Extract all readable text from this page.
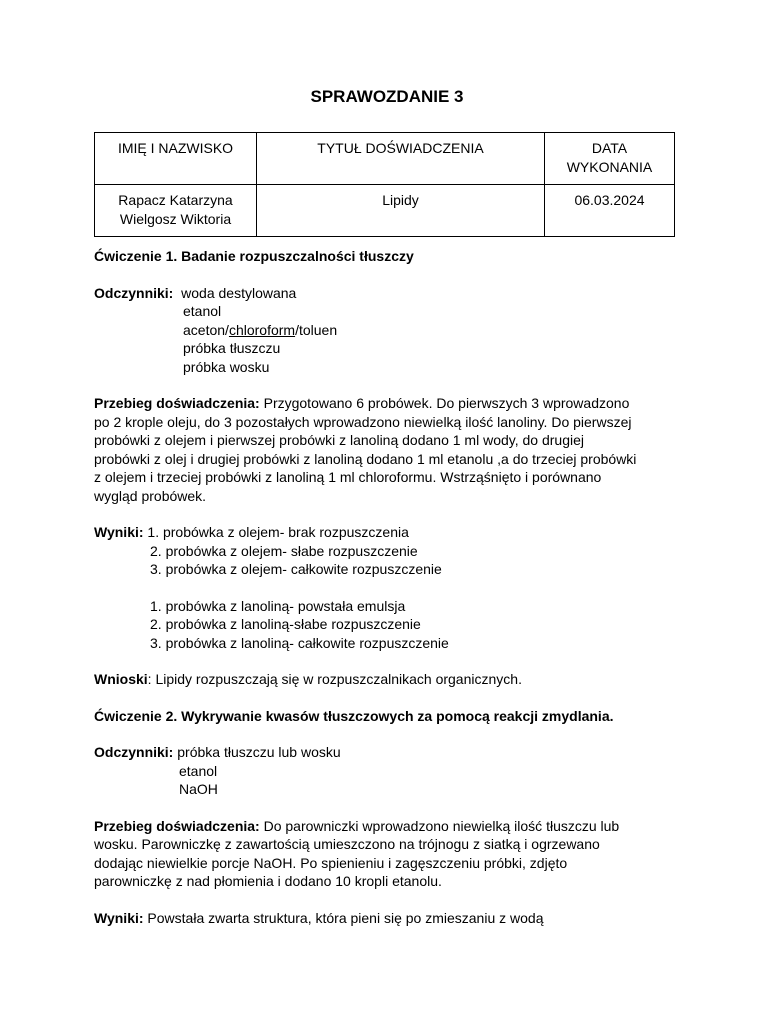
SPRAWOZDANIE 3
IMIĘ I NAZWISKO	TYTUŁ DOŚWIADCZENIA	DATA WYKONANIA

Rapacz Katarzyna
Wielgosz Wiktoria	Lipidy	06.03.2024

Ćwiczenie 1. Badanie rozpuszczalności tłuszczy

Odczynniki: woda destylowana

etanol

aceton/chloroform/toluen

próbka tłuszczu

próbka wosku

Przebieg doświadczenia: Przygotowano 6 probówek. Do pierwszych 3 wprowadzono

po 2 krople oleju, do 3 pozostałych wprowadzono niewielką ilość lanoliny. Do pierwszej

probówki z olejem i pierwszej probówki z lanoliną dodano 1 ml wody, do drugiej

probówki z olej i drugiej probówki z lanoliną dodano 1 ml etanolu ,a do trzeciej probówki

z olejem i trzeciej probówki z lanoliną 1 ml chloroformu. Wstrząśnięto i porównano

wygląd probówek.

Wyniki: 1. probówka z olejem- brak rozpuszczenia

2. probówka z olejem- słabe rozpuszczenie

3. probówka z olejem- całkowite rozpuszczenie

1. probówka z lanoliną- powstała emulsja

2. probówka z lanoliną-słabe rozpuszczenie

3. probówka z lanoliną- całkowite rozpuszczenie

Wnioski: Lipidy rozpuszczają się w rozpuszczalnikach organicznych.

Ćwiczenie 2. Wykrywanie kwasów tłuszczowych za pomocą reakcji zmydlania.

Odczynniki: próbka tłuszczu lub wosku

etanol

NaOH

Przebieg doświadczenia: Do parowniczki wprowadzono niewielką ilość tłuszczu lub

wosku. Parowniczkę z zawartością umieszczono na trójnogu z siatką i ogrzewano

dodając niewielkie porcje NaOH. Po spienieniu i zagęszczeniu próbki, zdjęto

parowniczkę z nad płomienia i dodano 10 kropli etanolu.

Wyniki: Powstała zwarta struktura, która pieni się po zmieszaniu z wodą
